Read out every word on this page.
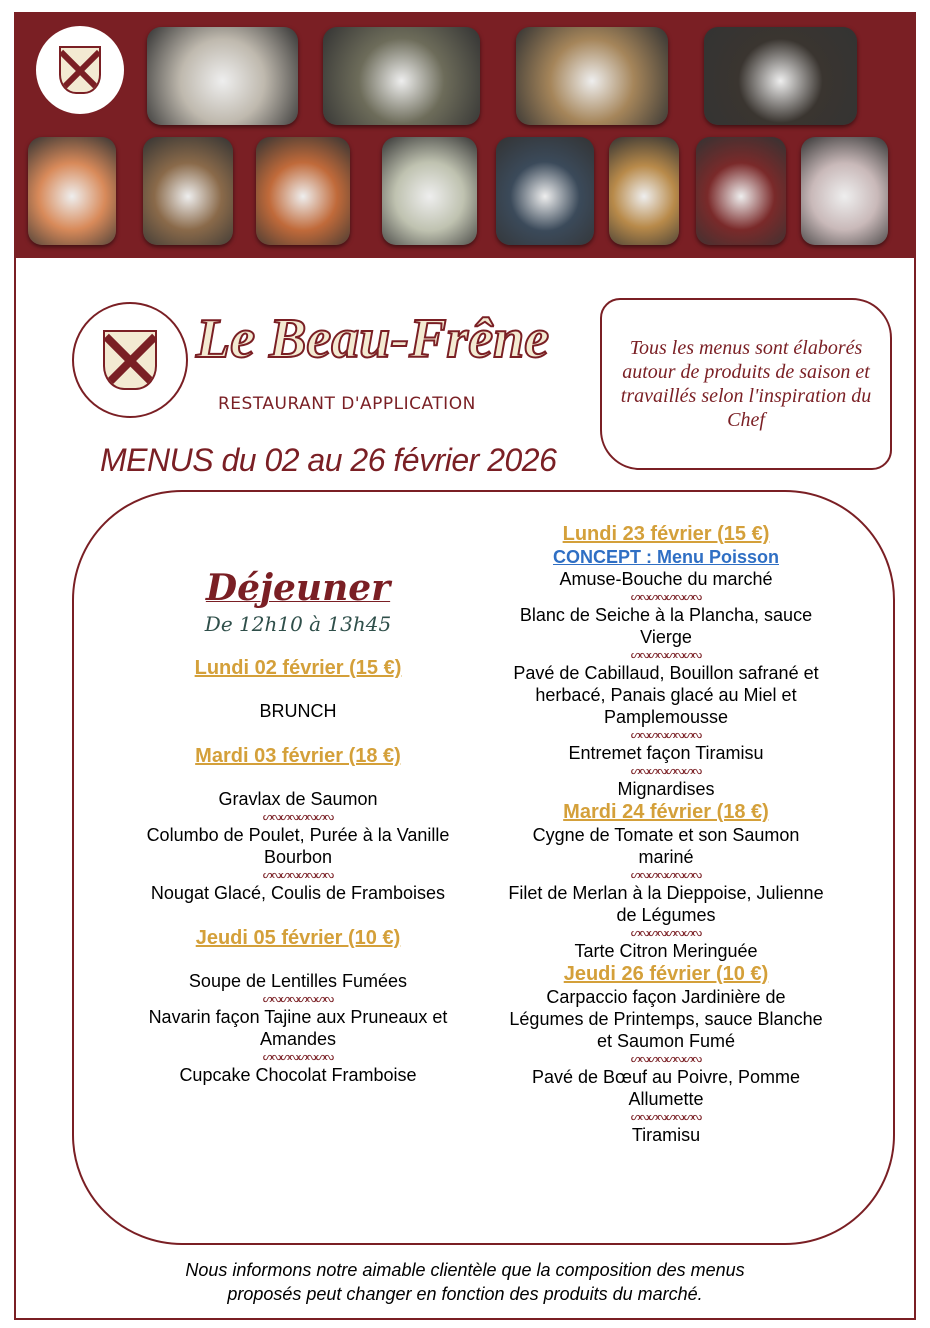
Le Beau-Frêne
RESTAURANT D'APPLICATION
MENUS du 02 au 26 février 2026
Tous les menus sont élaborés autour de produits de saison et travaillés selon l'inspiration du Chef
Déjeuner
De 12h10 à 13h45
Lundi 02 février (15 €)
BRUNCH
Mardi 03 février (18 €)
Gravlax de Saumon
ᔕᔓᔕᔓᔕᔓᔕᔓ
Columbo de Poulet, Purée à la Vanille Bourbon
ᔕᔓᔕᔓᔕᔓᔕᔓ
Nougat Glacé, Coulis de Framboises
Jeudi 05 février (10 €)
Soupe de Lentilles Fumées
ᔕᔓᔕᔓᔕᔓᔕᔓ
Navarin façon Tajine aux Pruneaux et Amandes
ᔕᔓᔕᔓᔕᔓᔕᔓ
Cupcake Chocolat Framboise
Lundi 23 février (15 €)
CONCEPT : Menu Poisson
Amuse-Bouche du marché
ᔕᔓᔕᔓᔕᔓᔕᔓ
Blanc de Seiche à la Plancha, sauce Vierge
ᔕᔓᔕᔓᔕᔓᔕᔓ
Pavé de Cabillaud, Bouillon safrané et herbacé, Panais glacé au Miel et Pamplemousse
ᔕᔓᔕᔓᔕᔓᔕᔓ
Entremet façon Tiramisu
ᔕᔓᔕᔓᔕᔓᔕᔓ
Mignardises
Mardi 24 février (18 €)
Cygne de Tomate et son Saumon mariné
ᔕᔓᔕᔓᔕᔓᔕᔓ
Filet de Merlan à la Dieppoise, Julienne de Légumes
ᔕᔓᔕᔓᔕᔓᔕᔓ
Tarte Citron Meringuée
Jeudi 26 février (10 €)
Carpaccio façon Jardinière de Légumes de Printemps, sauce Blanche et Saumon Fumé
ᔕᔓᔕᔓᔕᔓᔕᔓ
Pavé de Bœuf au Poivre, Pomme Allumette
ᔕᔓᔕᔓᔕᔓᔕᔓ
Tiramisu
Nous informons notre aimable clientèle que la composition des menus proposés peut changer en fonction des produits du marché.
